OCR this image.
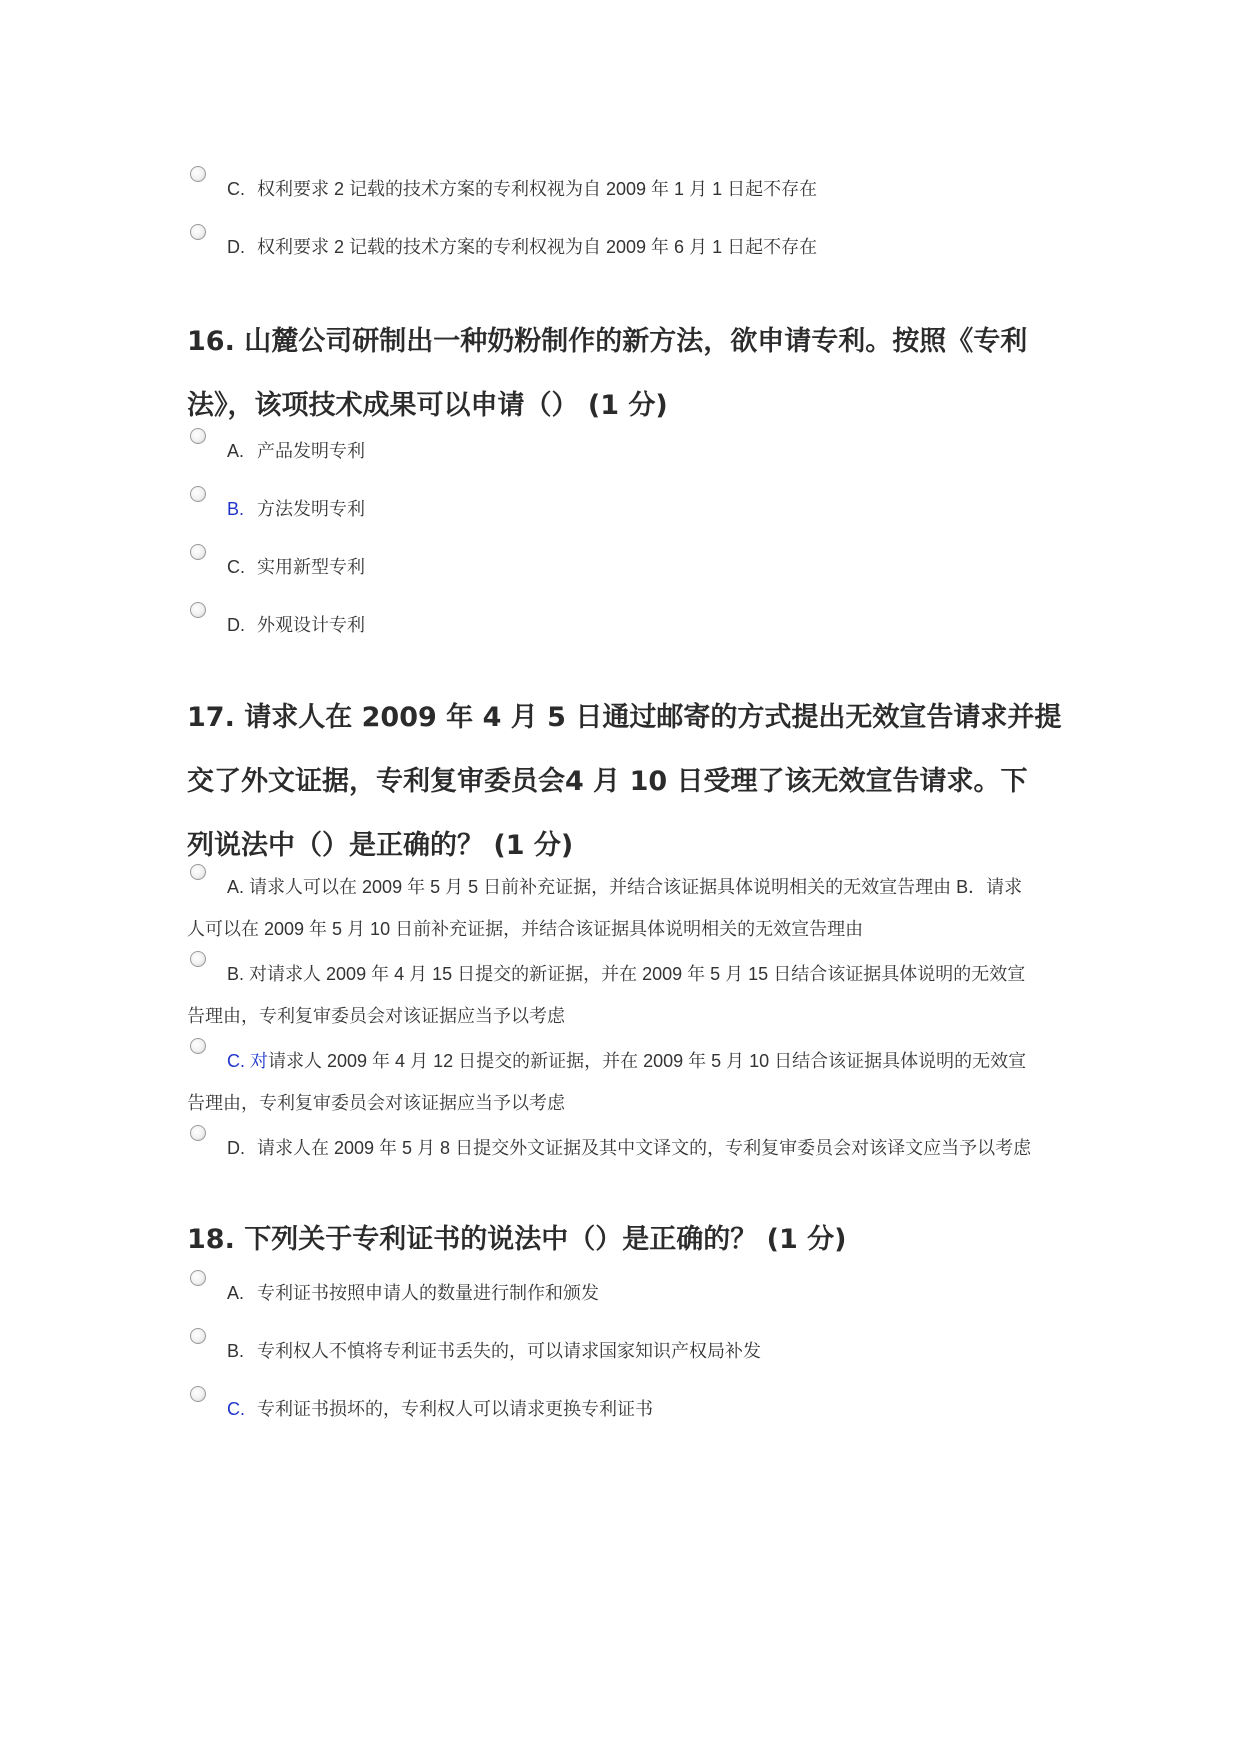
C. 权利要求 2 记载的技术方案的专利权视为自 2009 年 1 月 1 日起不存在
D. 权利要求 2 记载的技术方案的专利权视为自 2009 年 6 月 1 日起不存在
16. 山麓公司研制出一种奶粉制作的新方法，欲申请专利。按照《专利
法》，该项技术成果可以申请（） (1 分)
A. 产品发明专利
B. 方法发明专利
C. 实用新型专利
D. 外观设计专利
17. 请求人在 2009 年 4 月 5 日通过邮寄的方式提出无效宣告请求并提
交了外文证据，专利复审委员会4 月 10 日受理了该无效宣告请求。下
列说法中（）是正确的？ (1 分)
A. 请求人可以在 2009 年 5 月 5 日前补充证据，并结合该证据具体说明相关的无效宣告理由 B．请求
人可以在 2009 年 5 月 10 日前补充证据，并结合该证据具体说明相关的无效宣告理由
B. 对请求人 2009 年 4 月 15 日提交的新证据，并在 2009 年 5 月 15 日结合该证据具体说明的无效宣
告理由，专利复审委员会对该证据应当予以考虑
C. 对请求人 2009 年 4 月 12 日提交的新证据，并在 2009 年 5 月 10 日结合该证据具体说明的无效宣
告理由，专利复审委员会对该证据应当予以考虑
D. 请求人在 2009 年 5 月 8 日提交外文证据及其中文译文的，专利复审委员会对该译文应当予以考虑
18. 下列关于专利证书的说法中（）是正确的？ (1 分)
A. 专利证书按照申请人的数量进行制作和颁发
B. 专利权人不慎将专利证书丢失的，可以请求国家知识产权局补发
C. 专利证书损坏的，专利权人可以请求更换专利证书
